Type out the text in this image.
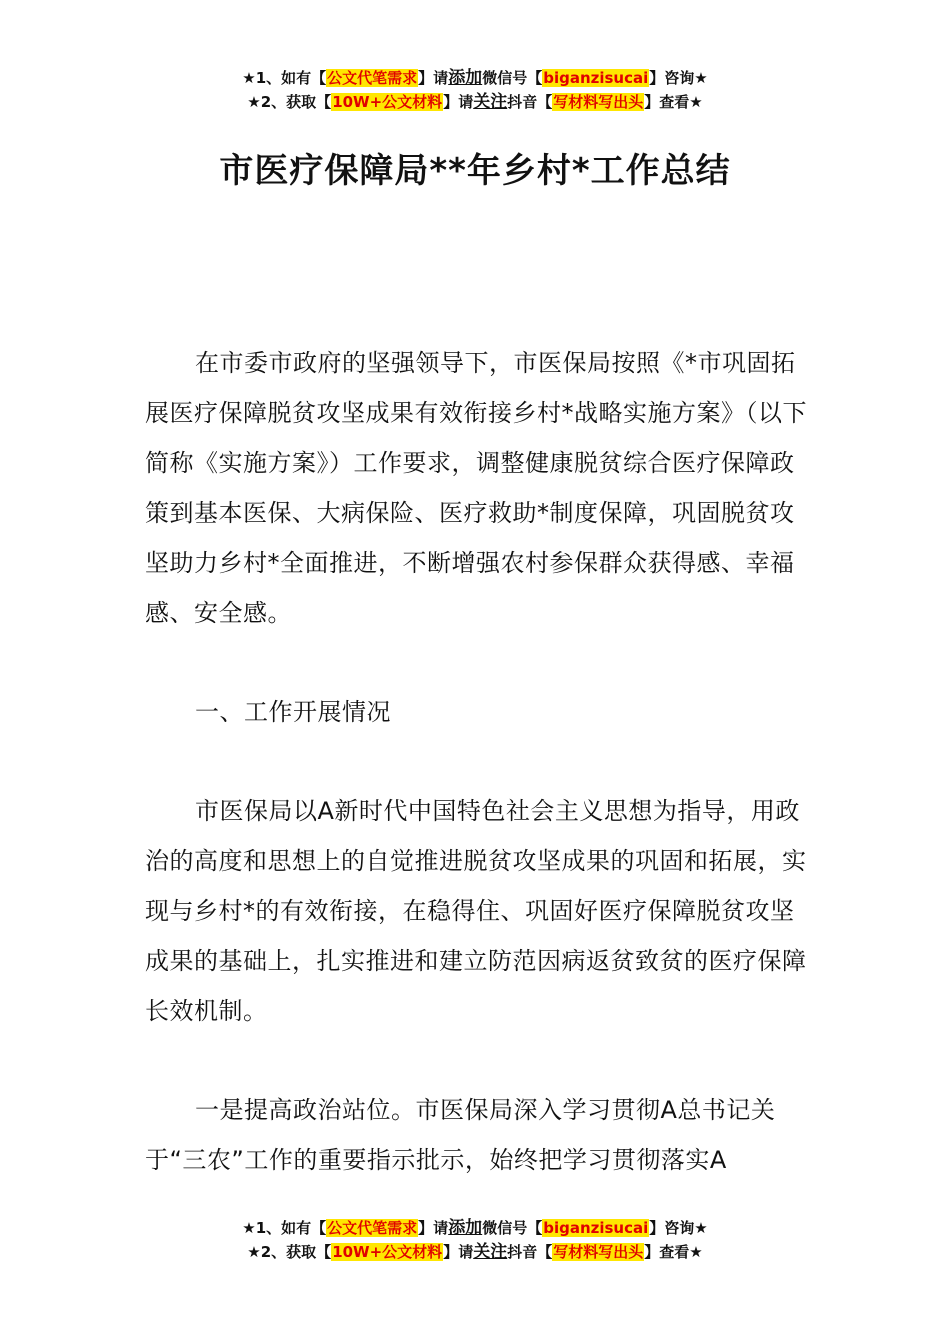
★1、如有【公文代笔需求】请添加微信号【biganzisucai】咨询★
★2、获取【10W+公文材料】请关注抖音【写材料写出头】查看★
市医疗保障局**年乡村*工作总结

在市委市政府的坚强领导下，市医保局按照《*市巩固拓展医疗保障脱贫攻坚成果有效衔接乡村*战略实施方案》（以下简称《实施方案》）工作要求，调整健康脱贫综合医疗保障政策到基本医保、大病保险、医疗救助*制度保障，巩固脱贫攻坚助力乡村*全面推进，不断增强农村参保群众获得感、幸福感、安全感。

一、工作开展情况

市医保局以A新时代中国特色社会主义思想为指导，用政治的高度和思想上的自觉推进脱贫攻坚成果的巩固和拓展，实现与乡村*的有效衔接，在稳得住、巩固好医疗保障脱贫攻坚成果的基础上，扎实推进和建立防范因病返贫致贫的医疗保障长效机制。

一是提高政治站位。市医保局深入学习贯彻A总书记关于“三农”工作的重要指示批示，始终把学习贯彻落实A

★1、如有【公文代笔需求】请添加微信号【biganzisucai】咨询★
★2、获取【10W+公文材料】请关注抖音【写材料写出头】查看★
